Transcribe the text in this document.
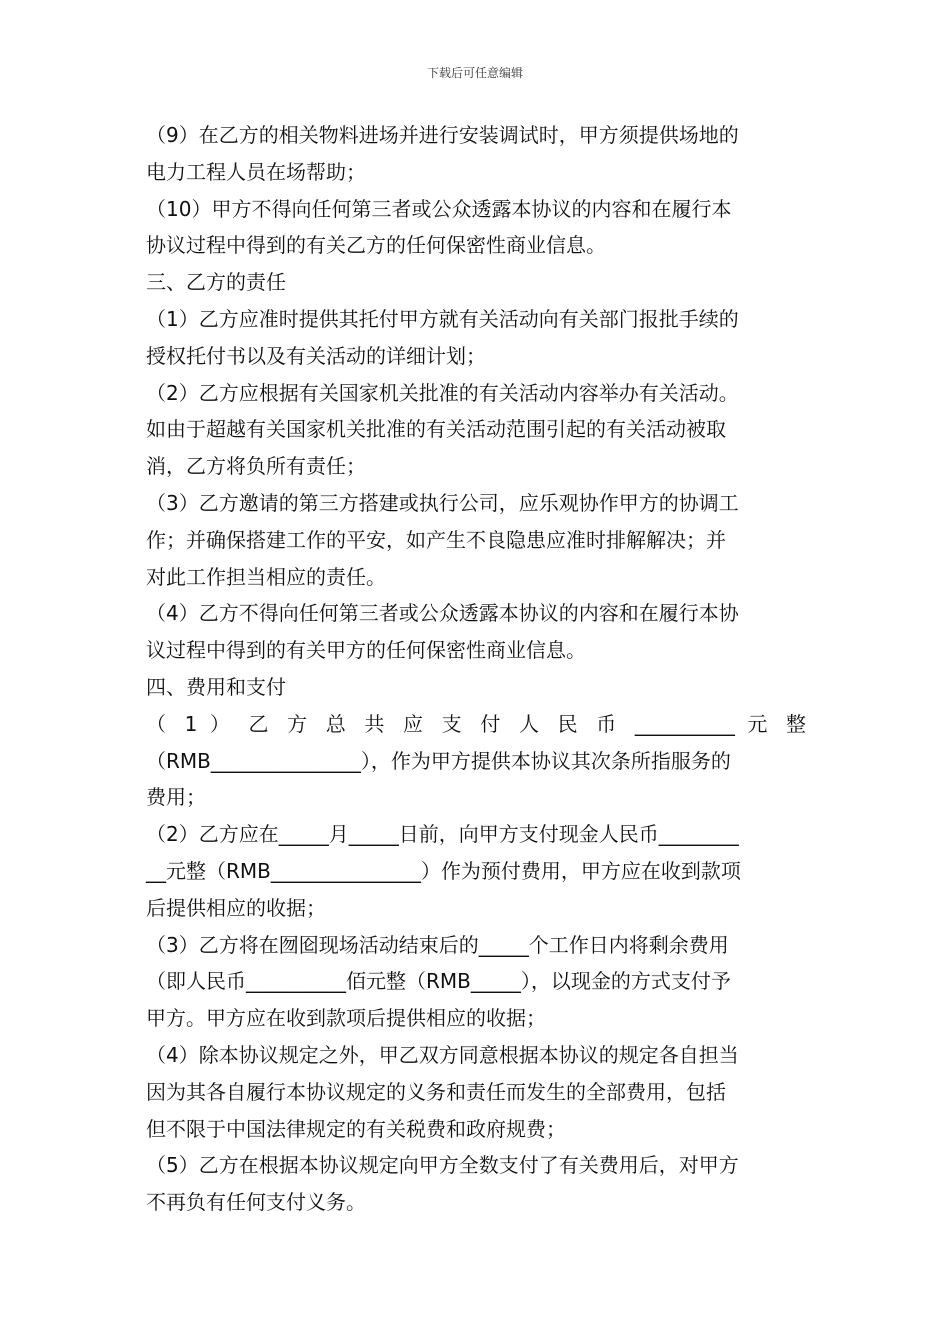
下载后可任意编辑
（9）在乙方的相关物料进场并进行安装调试时，甲方须提供场地的
电力工程人员在场帮助；
（10）甲方不得向任何第三者或公众透露本协议的内容和在履行本
协议过程中得到的有关乙方的任何保密性商业信息。
三、乙方的责任
（1）乙方应准时提供其托付甲方就有关活动向有关部门报批手续的
授权托付书以及有关活动的详细计划；
（2）乙方应根据有关国家机关批准的有关活动内容举办有关活动。
如由于超越有关国家机关批准的有关活动范围引起的有关活动被取
消，乙方将负所有责任；
（3）乙方邀请的第三方搭建或执行公司，应乐观协作甲方的协调工
作；并确保搭建工作的平安，如产生不良隐患应准时排解解决；并
对此工作担当相应的责任。
（4）乙方不得向任何第三者或公众透露本协议的内容和在履行本协
议过程中得到的有关甲方的任何保密性商业信息。
四、费用和支付
（ 1 ） 乙 方 总 共 应 支 付 人 民 币 __________ 元 整
（RMB_______________），作为甲方提供本协议其次条所指服务的
费用；
（2）乙方应在_____月_____日前，向甲方支付现金人民币________
__元整（RMB_______________）作为预付费用，甲方应在收到款项
后提供相应的收据；
（3）乙方将在囫囵现场活动结束后的_____个工作日内将剩余费用
（即人民币__________佰元整（RMB_____），以现金的方式支付予
甲方。甲方应在收到款项后提供相应的收据；
（4）除本协议规定之外，甲乙双方同意根据本协议的规定各自担当
因为其各自履行本协议规定的义务和责任而发生的全部费用，包括
但不限于中国法律规定的有关税费和政府规费；
（5）乙方在根据本协议规定向甲方全数支付了有关费用后，对甲方
不再负有任何支付义务。
